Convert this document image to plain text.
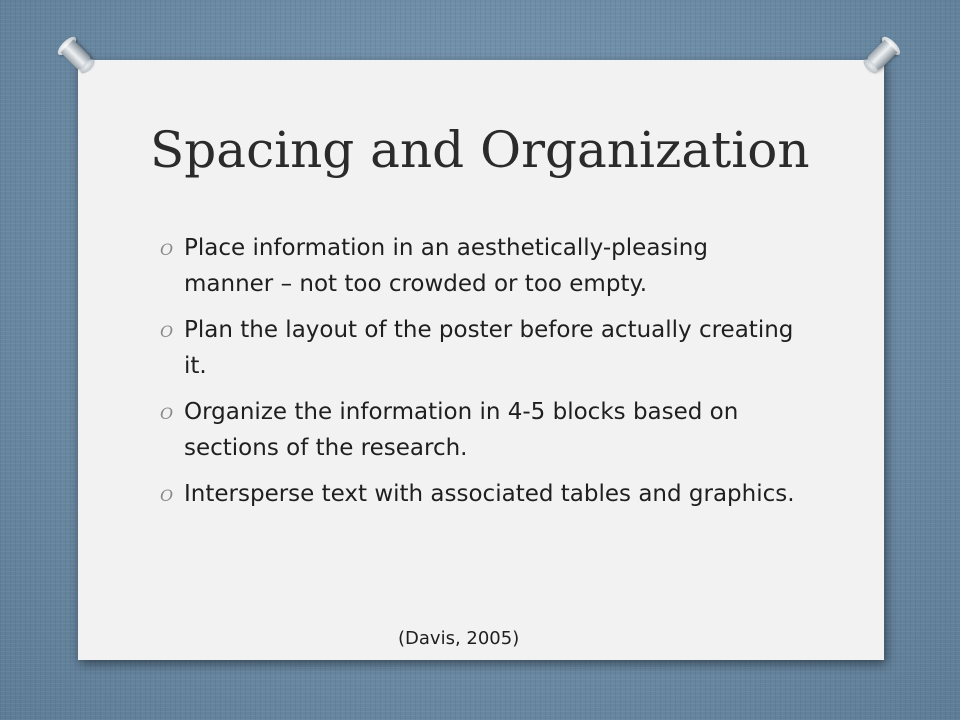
Spacing and Organization
O Place information in an aesthetically-pleasing manner – not too crowded or too empty.
O Plan the layout of the poster before actually creating it.
O Organize the information in 4-5 blocks based on sections of the research.
O Intersperse text with associated tables and graphics.
(Davis, 2005)
